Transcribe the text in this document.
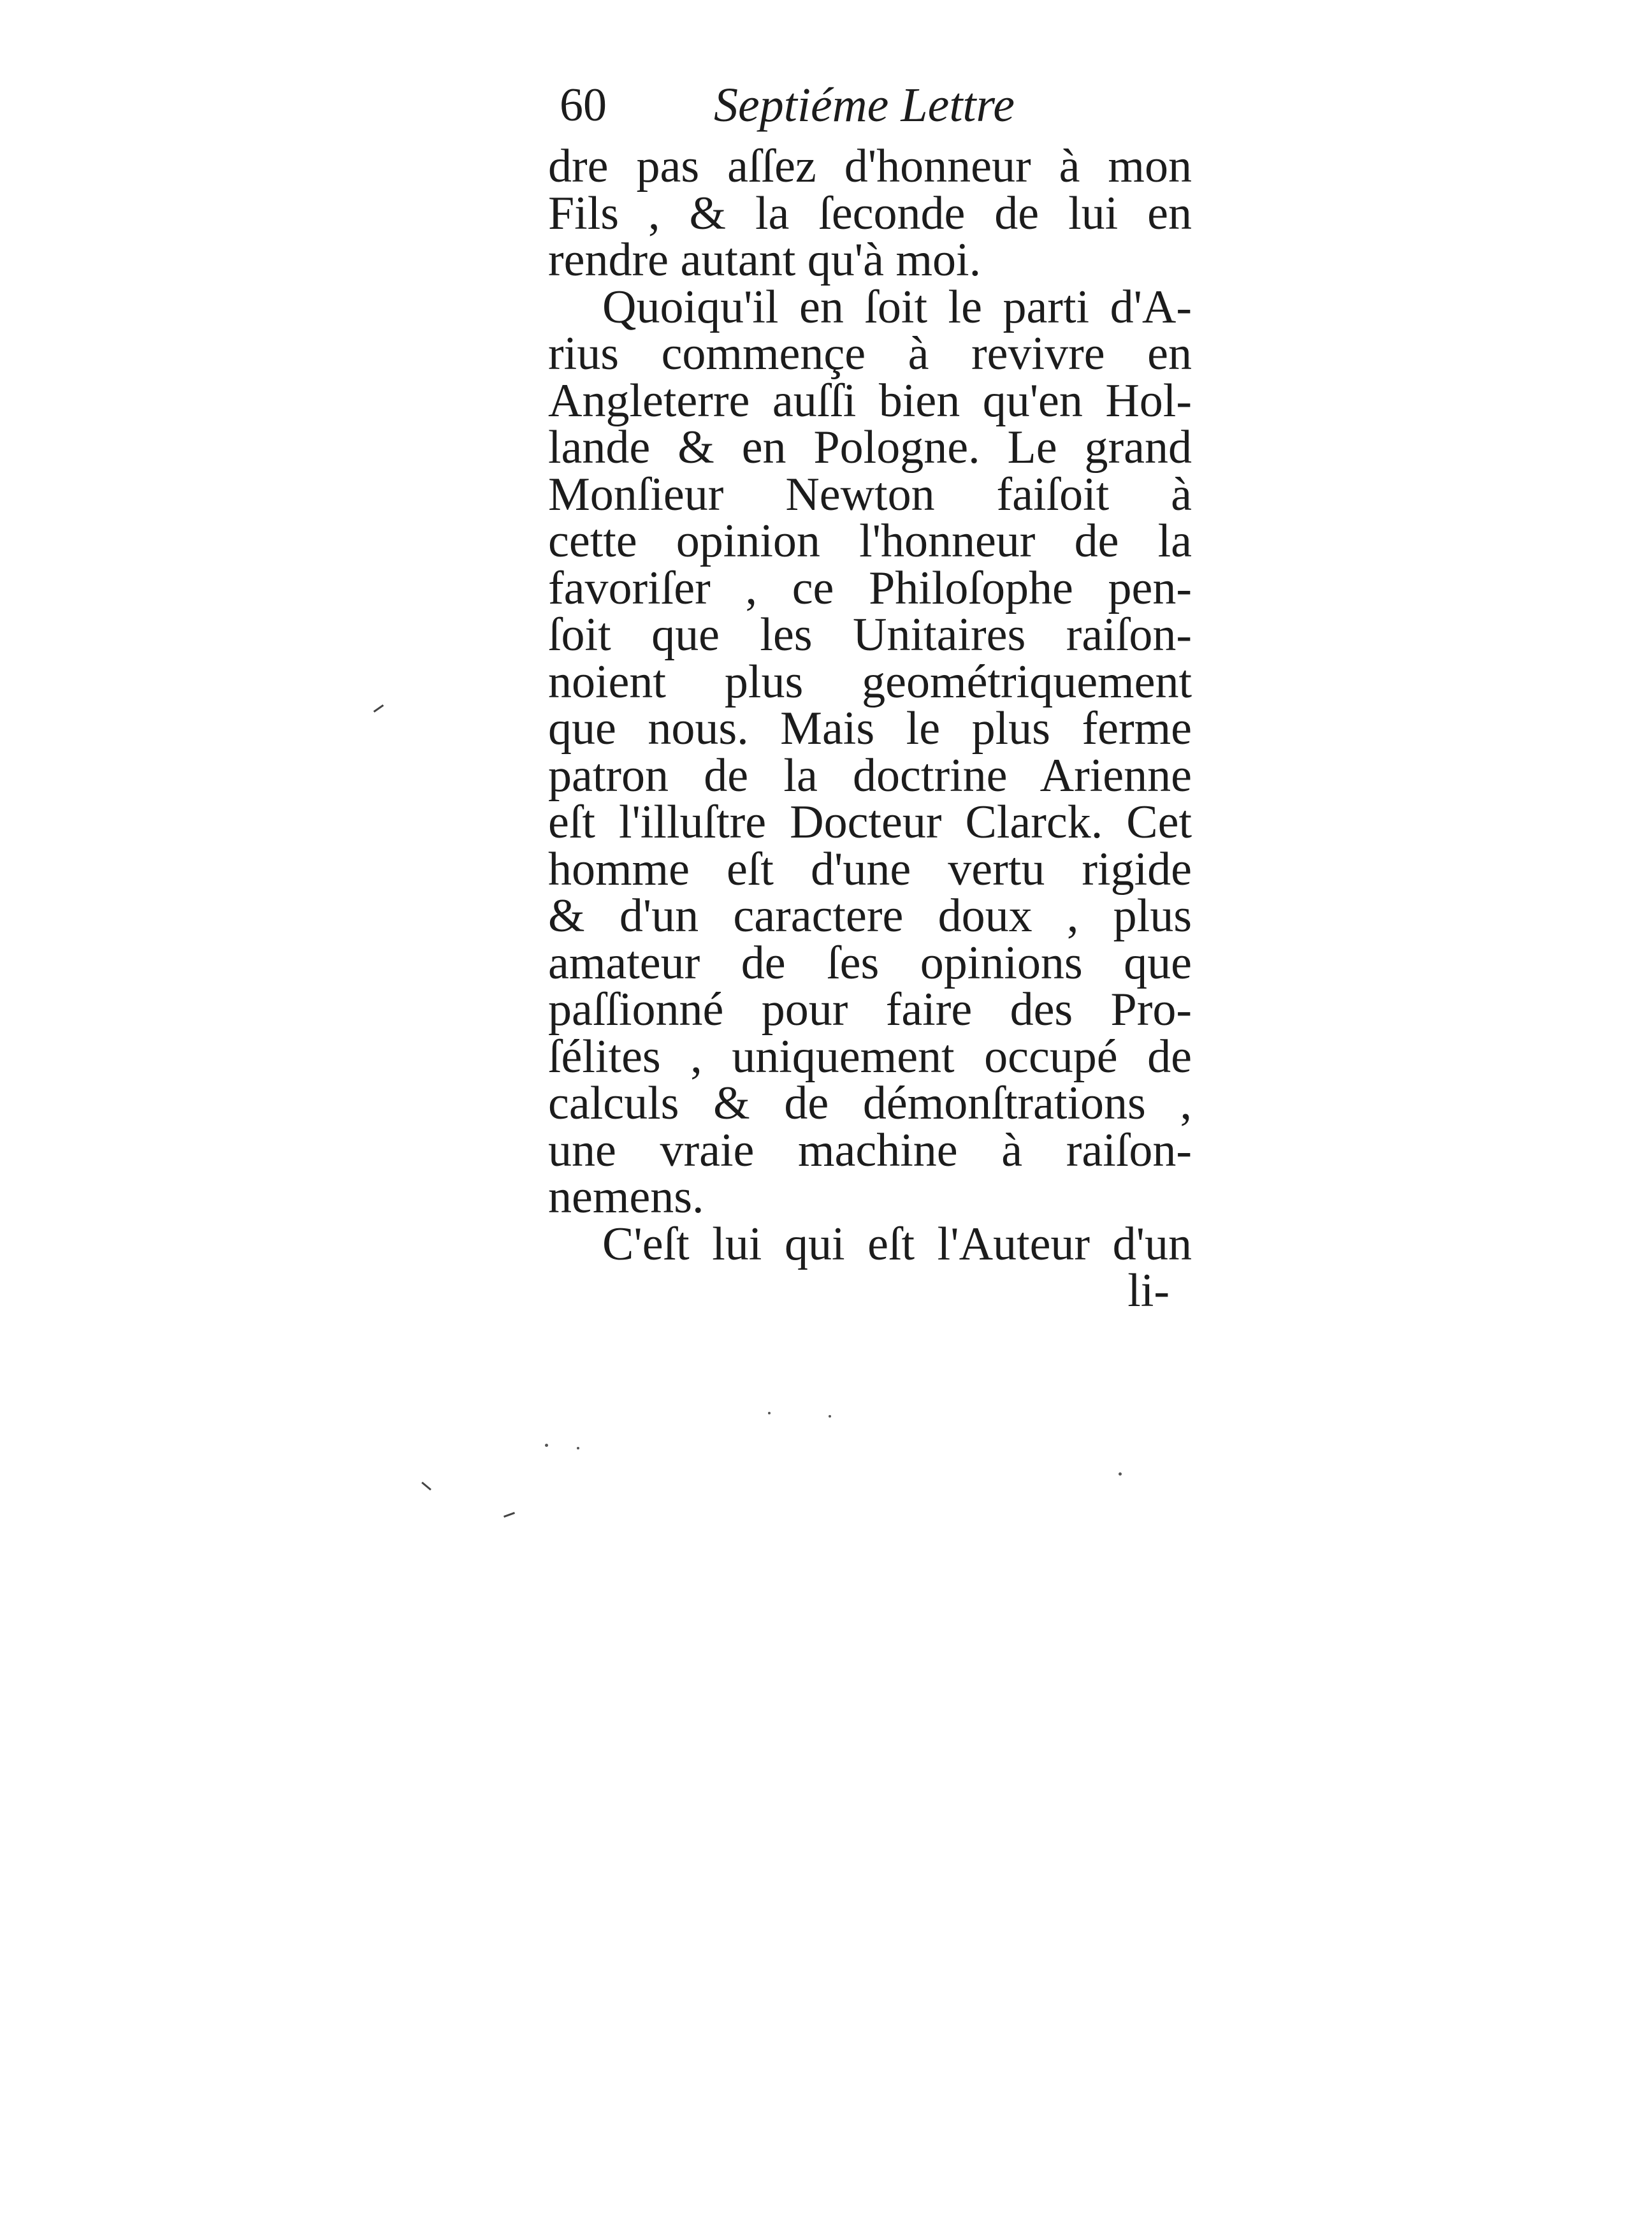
60 Septiéme Lettre
dre pas aſſez d'honneur à mon
Fils , & la ſeconde de lui en
rendre autant qu'à moi.
Quoiqu'il en ſoit le parti d'A-
rius commençe à revivre en
Angleterre auſſi bien qu'en Hol-
lande & en Pologne. Le grand
Monſieur Newton faiſoit à
cette opinion l'honneur de la
favoriſer , ce Philoſophe pen-
ſoit que les Unitaires raiſon-
noient plus geométriquement
que nous. Mais le plus ferme
patron de la doctrine Arienne
eſt l'illuſtre Docteur Clarck. Cet
homme eſt d'une vertu rigide
& d'un caractere doux , plus
amateur de ſes opinions que
paſſionné pour faire des Pro-
ſélites , uniquement occupé de
calculs & de démonſtrations ,
une vraie machine à raiſon-
nemens.
C'eſt lui qui eſt l'Auteur d'un
li-
